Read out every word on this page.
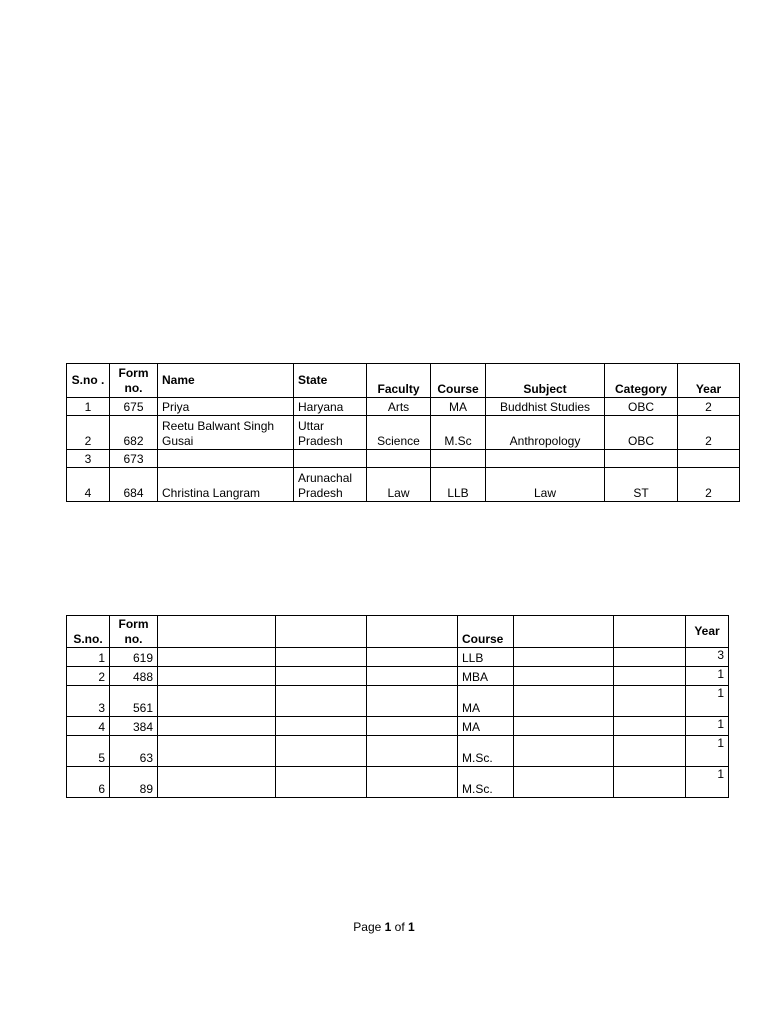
S.no .	Form no.	Name	State	Faculty	Course	Subject	Category	Year
1	675	Priya	Haryana	Arts	MA	Buddhist Studies	OBC	2
2	682	Reetu Balwant Singh Gusai	Uttar Pradesh	Science	M.Sc	Anthropology	OBC	2
3	673							
4	684	Christina Langram	Arunachal Pradesh	Law	LLB	Law	ST	2
S.no.	Form no.				Course			Year
1	619				LLB			3
2	488				MBA			1
3	561				MA			1
4	384				MA			1
5	63				M.Sc.			1
6	89				M.Sc.			1
Page 1 of 1
